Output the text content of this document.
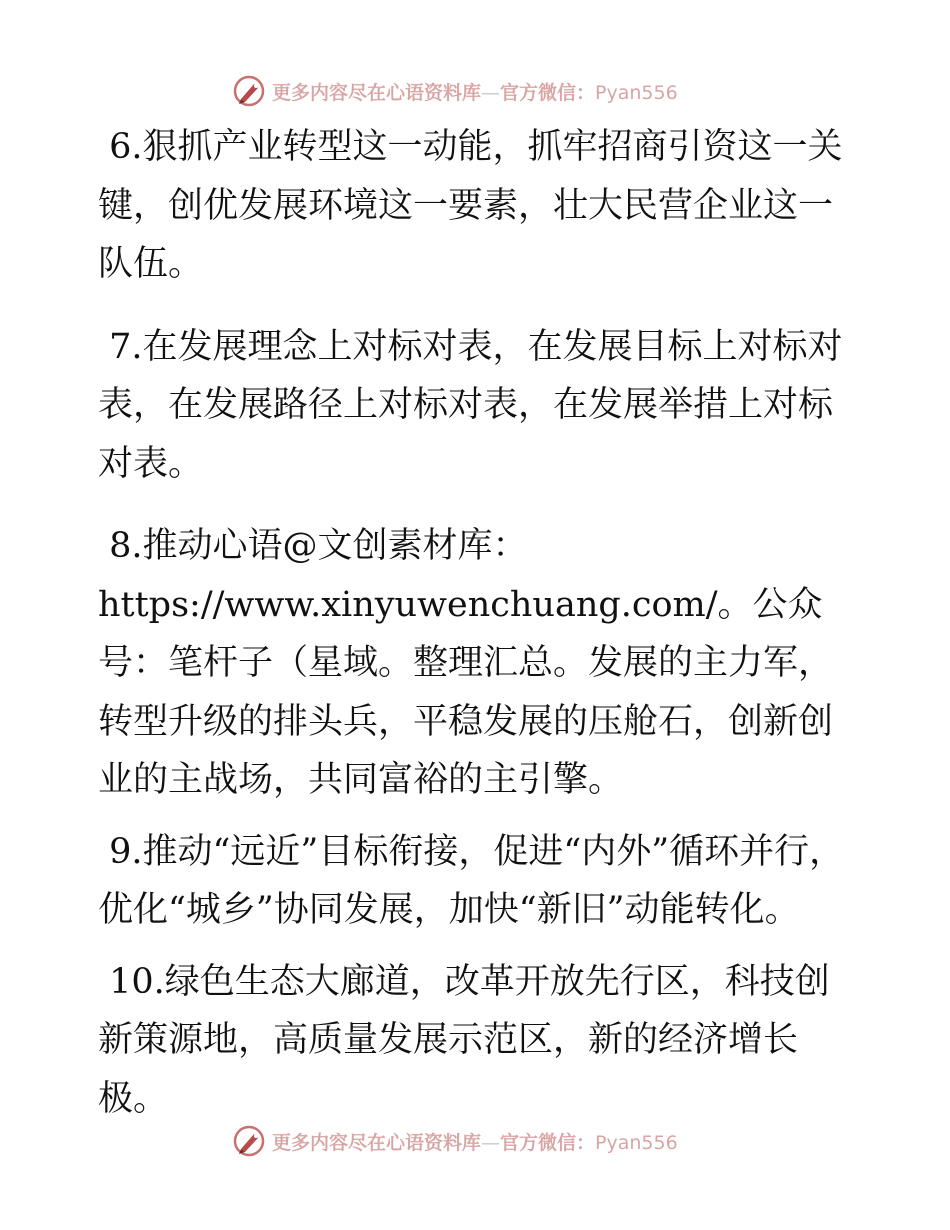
更多内容尽在心语资料库—官方微信：Pyan556

6.狠抓产业转型这一动能，抓牢招商引资这一关键，创优发展环境这一要素，壮大民营企业这一队伍。

7.在发展理念上对标对表，在发展目标上对标对表，在发展路径上对标对表，在发展举措上对标对表。

8.推动心语@文创素材库：https://www.xinyuwenchuang.com/。公众号：笔杆子（星域。整理汇总。发展的主力军，转型升级的排头兵，平稳发展的压舱石，创新创业的主战场，共同富裕的主引擎。

9.推动“远近”目标衔接，促进“内外”循环并行，优化“城乡”协同发展，加快“新旧”动能转化。

10.绿色生态大廊道，改革开放先行区，科技创新策源地，高质量发展示范区，新的经济增长极。

更多内容尽在心语资料库—官方微信：Pyan556
